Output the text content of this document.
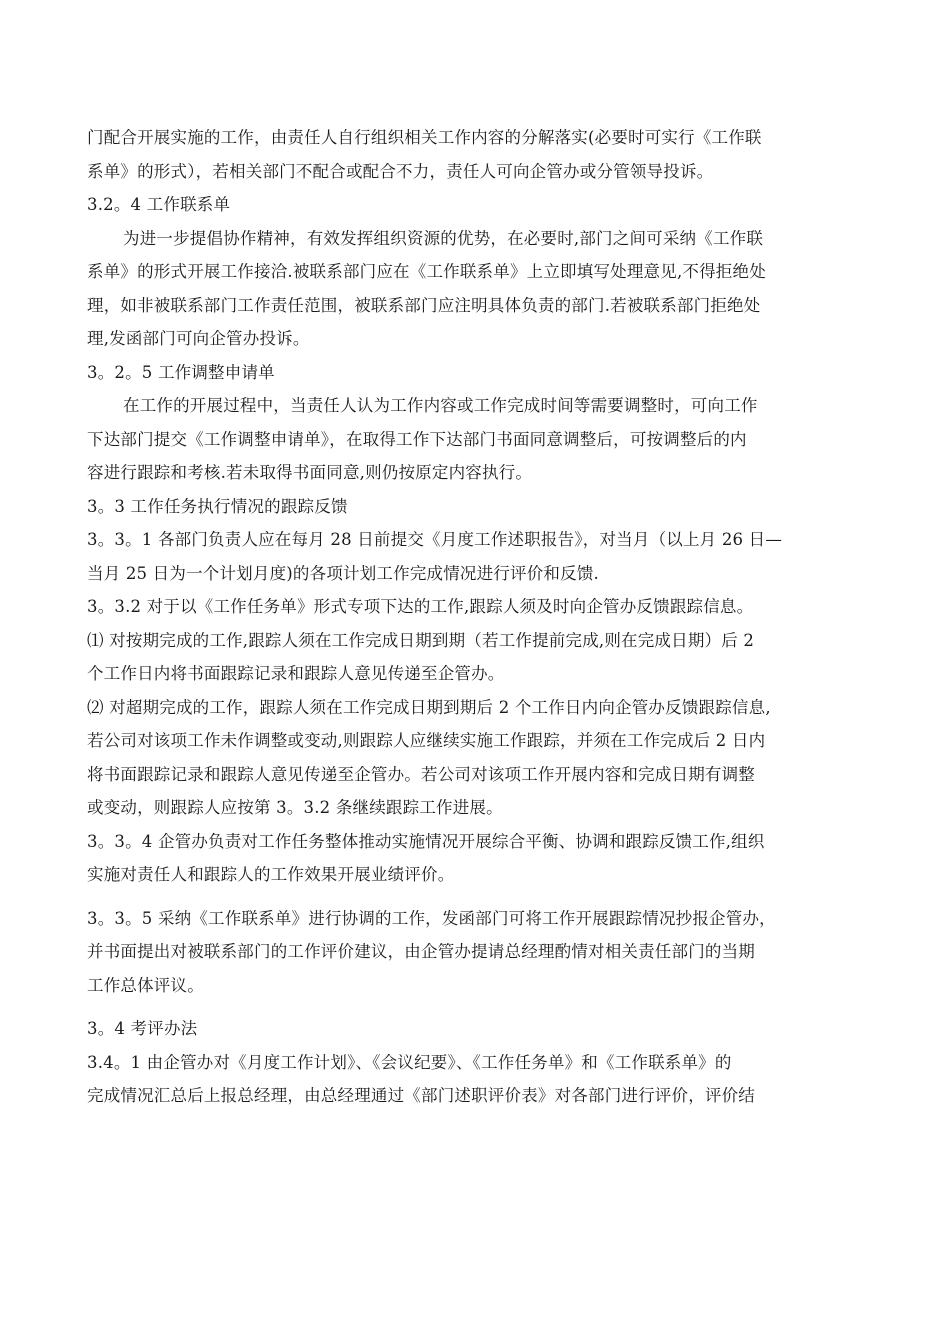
门配合开展实施的工作，由责任人自行组织相关工作内容的分解落实(必要时可实行《工作联
系单》的形式），若相关部门不配合或配合不力，责任人可向企管办或分管领导投诉。
3.2。4 工作联系单
为进一步提倡协作精神，有效发挥组织资源的优势，在必要时,部门之间可采纳《工作联
系单》的形式开展工作接洽.被联系部门应在《工作联系单》上立即填写处理意见,不得拒绝处
理，如非被联系部门工作责任范围，被联系部门应注明具体负责的部门.若被联系部门拒绝处
理,发函部门可向企管办投诉。
3。2。5 工作调整申请单
在工作的开展过程中，当责任人认为工作内容或工作完成时间等需要调整时，可向工作
下达部门提交《工作调整申请单》，在取得工作下达部门书面同意调整后，可按调整后的内
容进行跟踪和考核.若未取得书面同意,则仍按原定内容执行。
3。3 工作任务执行情况的跟踪反馈
3。3。1 各部门负责人应在每月 28 日前提交《月度工作述职报告》，对当月（以上月 26 日—
当月 25 日为一个计划月度)的各项计划工作完成情况进行评价和反馈.
3。3.2 对于以《工作任务单》形式专项下达的工作,跟踪人须及时向企管办反馈跟踪信息。
⑴ 对按期完成的工作,跟踪人须在工作完成日期到期（若工作提前完成,则在完成日期）后 2
个工作日内将书面跟踪记录和跟踪人意见传递至企管办。
⑵ 对超期完成的工作，跟踪人须在工作完成日期到期后 2 个工作日内向企管办反馈跟踪信息,
若公司对该项工作未作调整或变动,则跟踪人应继续实施工作跟踪，并须在工作完成后 2 日内
将书面跟踪记录和跟踪人意见传递至企管办。若公司对该项工作开展内容和完成日期有调整
或变动，则跟踪人应按第 3。3.2 条继续跟踪工作进展。
3。3。4 企管办负责对工作任务整体推动实施情况开展综合平衡、协调和跟踪反馈工作,组织
实施对责任人和跟踪人的工作效果开展业绩评价。
3。3。5 采纳《工作联系单》进行协调的工作，发函部门可将工作开展跟踪情况抄报企管办，
并书面提出对被联系部门的工作评价建议，由企管办提请总经理酌情对相关责任部门的当期
工作总体评议。
3。4 考评办法
3.4。1 由企管办对《月度工作计划》、《会议纪要》、《工作任务单》和《工作联系单》的
完成情况汇总后上报总经理，由总经理通过《部门述职评价表》对各部门进行评价，评价结
